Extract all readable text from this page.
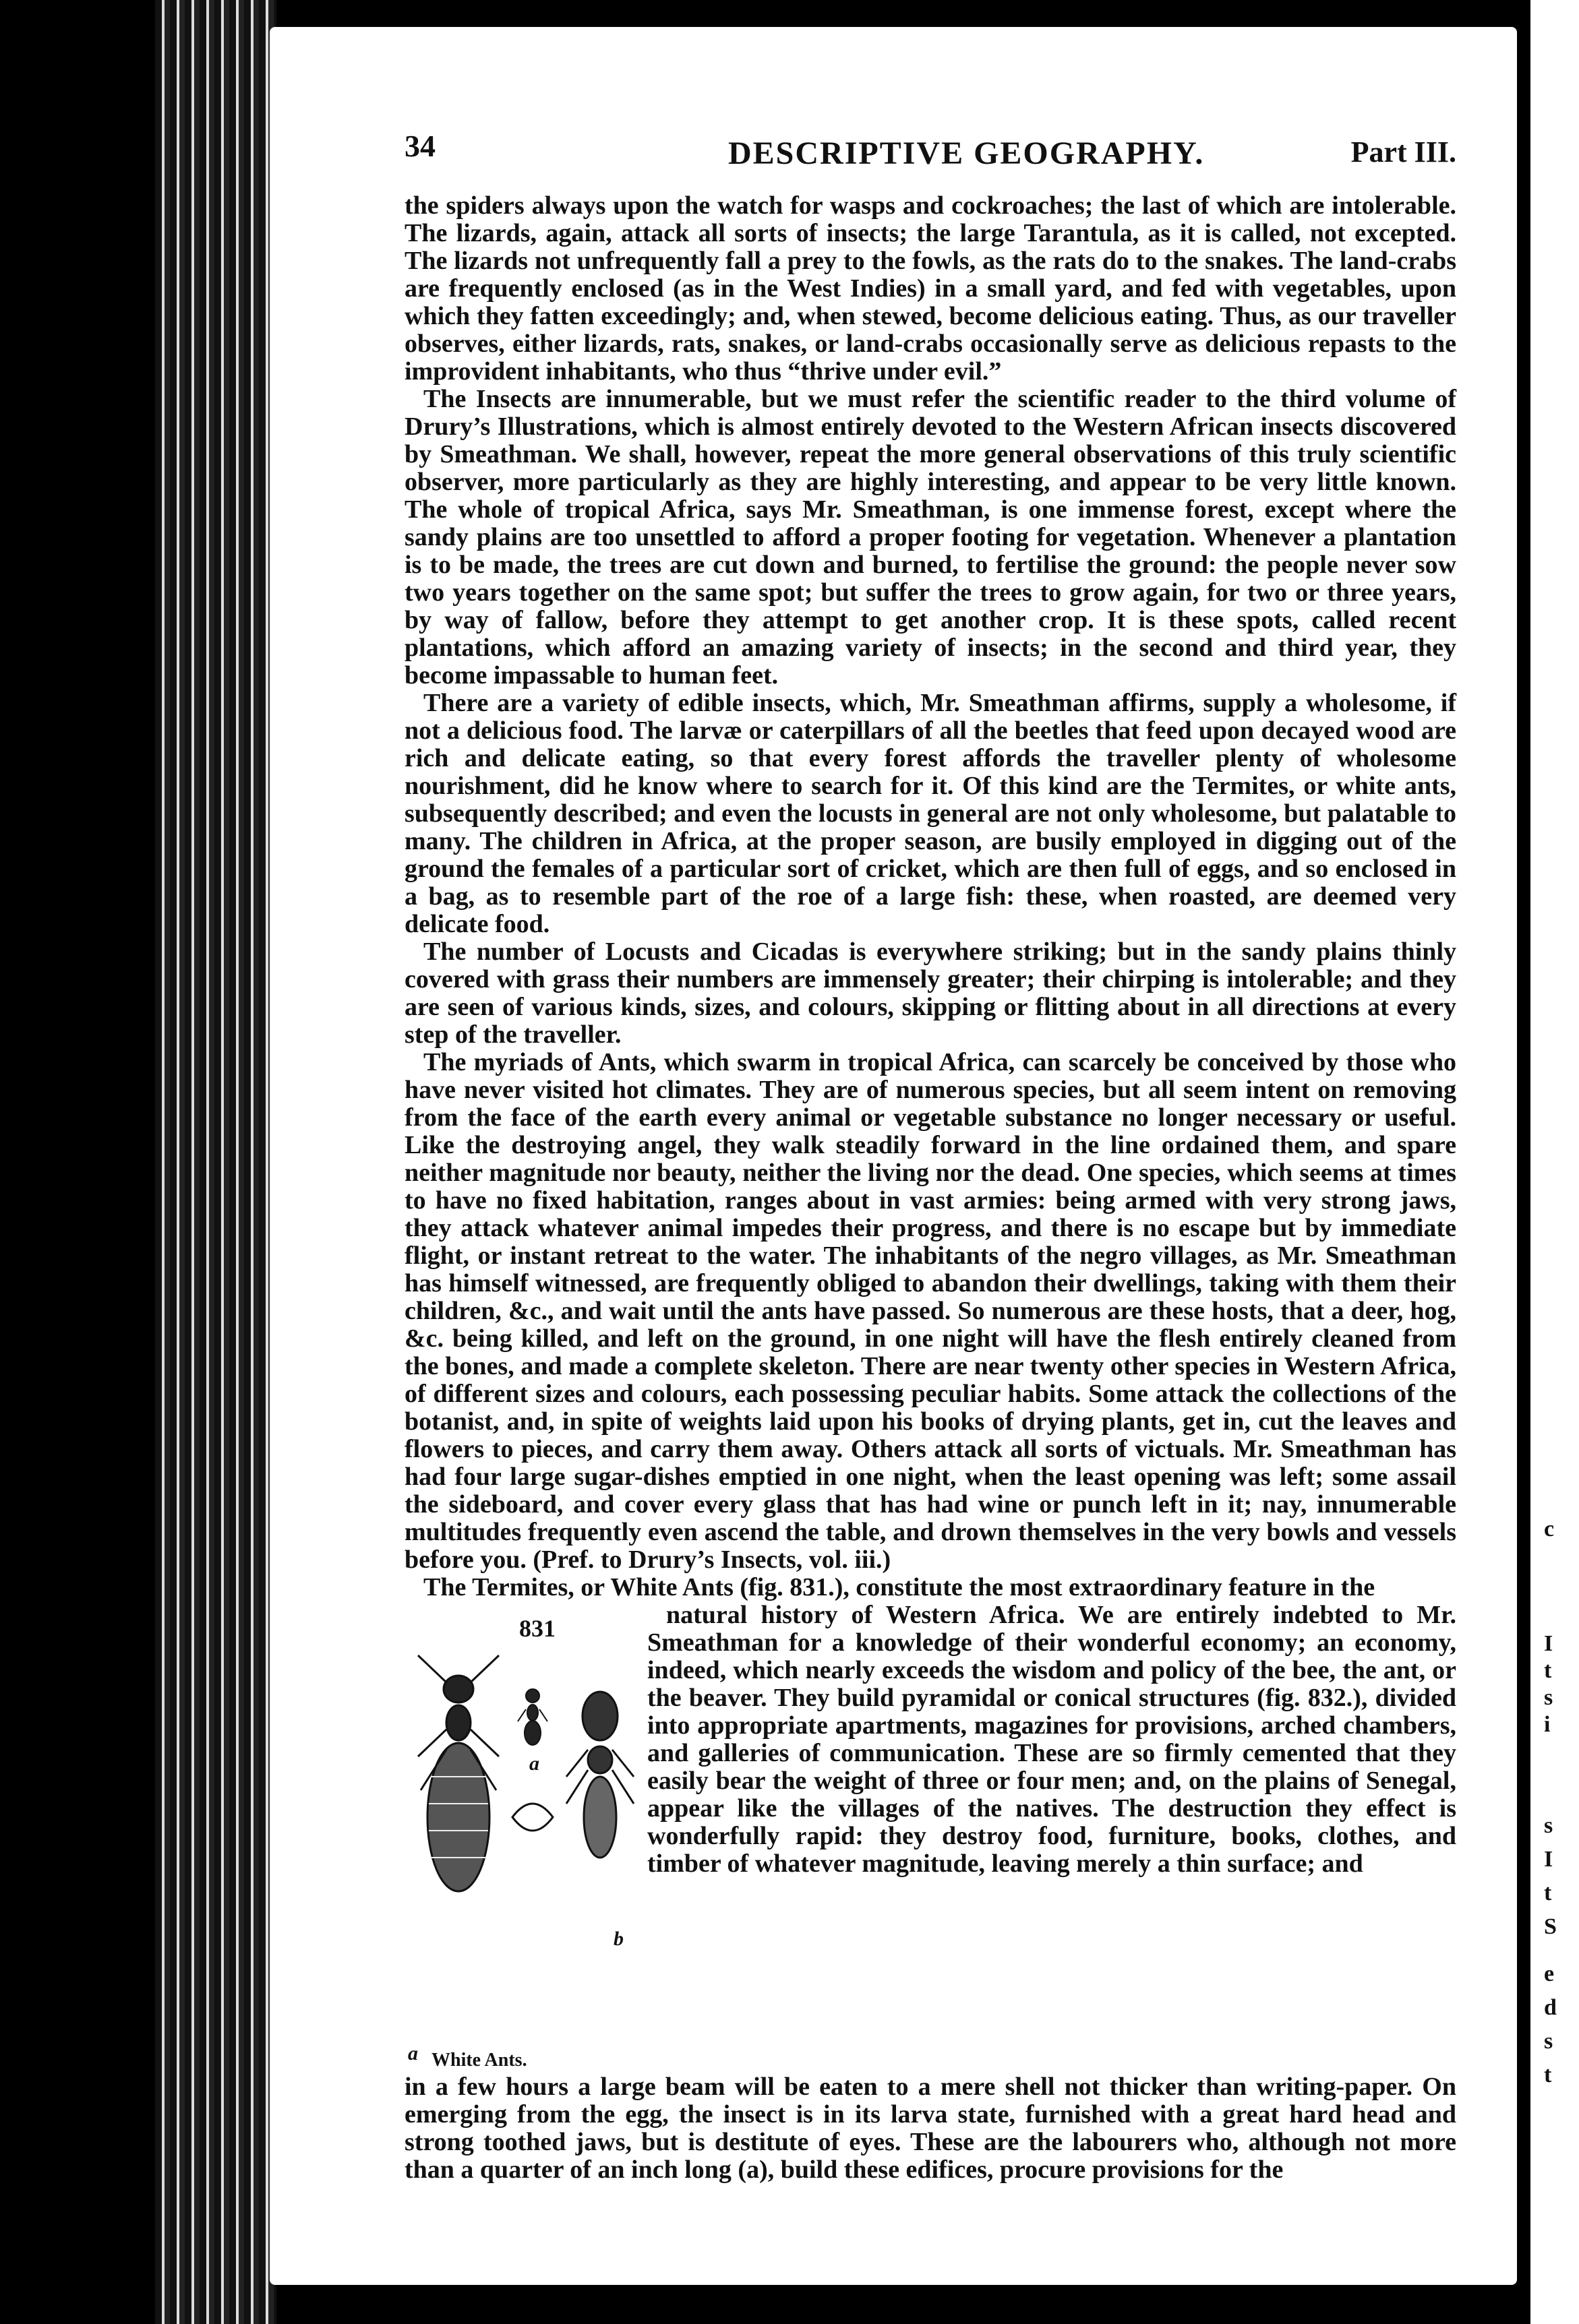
c
I
t
s
i
s
I
t
S
e
d
s
t
34	DESCRIPTIVE GEOGRAPHY.	Part III.

the spiders always upon the watch for wasps and cockroaches; the last of which are intolerable. The lizards, again, attack all sorts of insects; the large Tarantula, as it is called, not excepted. The lizards not unfrequently fall a prey to the fowls, as the rats do to the snakes. The land-crabs are frequently enclosed (as in the West Indies) in a small yard, and fed with vegetables, upon which they fatten exceedingly; and, when stewed, become delicious eating. Thus, as our traveller observes, either lizards, rats, snakes, or land-crabs occasionally serve as delicious repasts to the improvident inhabitants, who thus “thrive under evil.”

The Insects are innumerable, but we must refer the scientific reader to the third volume of Drury’s Illustrations, which is almost entirely devoted to the Western African insects discovered by Smeathman. We shall, however, repeat the more general observations of this truly scientific observer, more particularly as they are highly interesting, and appear to be very little known. The whole of tropical Africa, says Mr. Smeathman, is one immense forest, except where the sandy plains are too unsettled to afford a proper footing for vegetation. Whenever a plantation is to be made, the trees are cut down and burned, to fertilise the ground: the people never sow two years together on the same spot; but suffer the trees to grow again, for two or three years, by way of fallow, before they attempt to get another crop. It is these spots, called recent plantations, which afford an amazing variety of insects; in the second and third year, they become impassable to human feet.

There are a variety of edible insects, which, Mr. Smeathman affirms, supply a wholesome, if not a delicious food. The larvæ or caterpillars of all the beetles that feed upon decayed wood are rich and delicate eating, so that every forest affords the traveller plenty of wholesome nourishment, did he know where to search for it. Of this kind are the Termites, or white ants, subsequently described; and even the locusts in general are not only wholesome, but palatable to many. The children in Africa, at the proper season, are busily employed in digging out of the ground the females of a particular sort of cricket, which are then full of eggs, and so enclosed in a bag, as to resemble part of the roe of a large fish: these, when roasted, are deemed very delicate food.

The number of Locusts and Cicadas is everywhere striking; but in the sandy plains thinly covered with grass their numbers are immensely greater; their chirping is intolerable; and they are seen of various kinds, sizes, and colours, skipping or flitting about in all directions at every step of the traveller.

The myriads of Ants, which swarm in tropical Africa, can scarcely be conceived by those who have never visited hot climates. They are of numerous species, but all seem intent on removing from the face of the earth every animal or vegetable substance no longer necessary or useful. Like the destroying angel, they walk steadily forward in the line ordained them, and spare neither magnitude nor beauty, neither the living nor the dead. One species, which seems at times to have no fixed habitation, ranges about in vast armies: being armed with very strong jaws, they attack whatever animal impedes their progress, and there is no escape but by immediate flight, or instant retreat to the water. The inhabitants of the negro villages, as Mr. Smeathman has himself witnessed, are frequently obliged to abandon their dwellings, taking with them their children, &c., and wait until the ants have passed. So numerous are these hosts, that a deer, hog, &c. being killed, and left on the ground, in one night will have the flesh entirely cleaned from the bones, and made a complete skeleton. There are near twenty other species in Western Africa, of different sizes and colours, each possessing peculiar habits. Some attack the collections of the botanist, and, in spite of weights laid upon his books of drying plants, get in, cut the leaves and flowers to pieces, and carry them away. Others attack all sorts of victuals. Mr. Smeathman has had four large sugar-dishes emptied in one night, when the least opening was left; some assail the sideboard, and cover every glass that has had wine or punch left in it; nay, innumerable multitudes frequently even ascend the table, and drown themselves in the very bowls and vessels before you. (Pref. to Drury’s Insects, vol. iii.)

The Termites, or White Ants (fig. 831.), constitute the most extraordinary feature in the

831
a
b
a White Ants.

natural history of Western Africa. We are entirely indebted to Mr. Smeathman for a knowledge of their wonderful economy; an economy, indeed, which nearly exceeds the wisdom and policy of the bee, the ant, or the beaver. They build pyramidal or conical structures (fig. 832.), divided into appropriate apartments, magazines for provisions, arched chambers, and galleries of communication. These are so firmly cemented that they easily bear the weight of three or four men; and, on the plains of Senegal, appear like the villages of the natives. The destruction they effect is wonderfully rapid: they destroy food, furniture, books, clothes, and timber of whatever magnitude, leaving merely a thin surface; and

in a few hours a large beam will be eaten to a mere shell not thicker than writing-paper. On emerging from the egg, the insect is in its larva state, furnished with a great hard head and strong toothed jaws, but is destitute of eyes. These are the labourers who, although not more than a quarter of an inch long (a), build these edifices, procure provisions for the
